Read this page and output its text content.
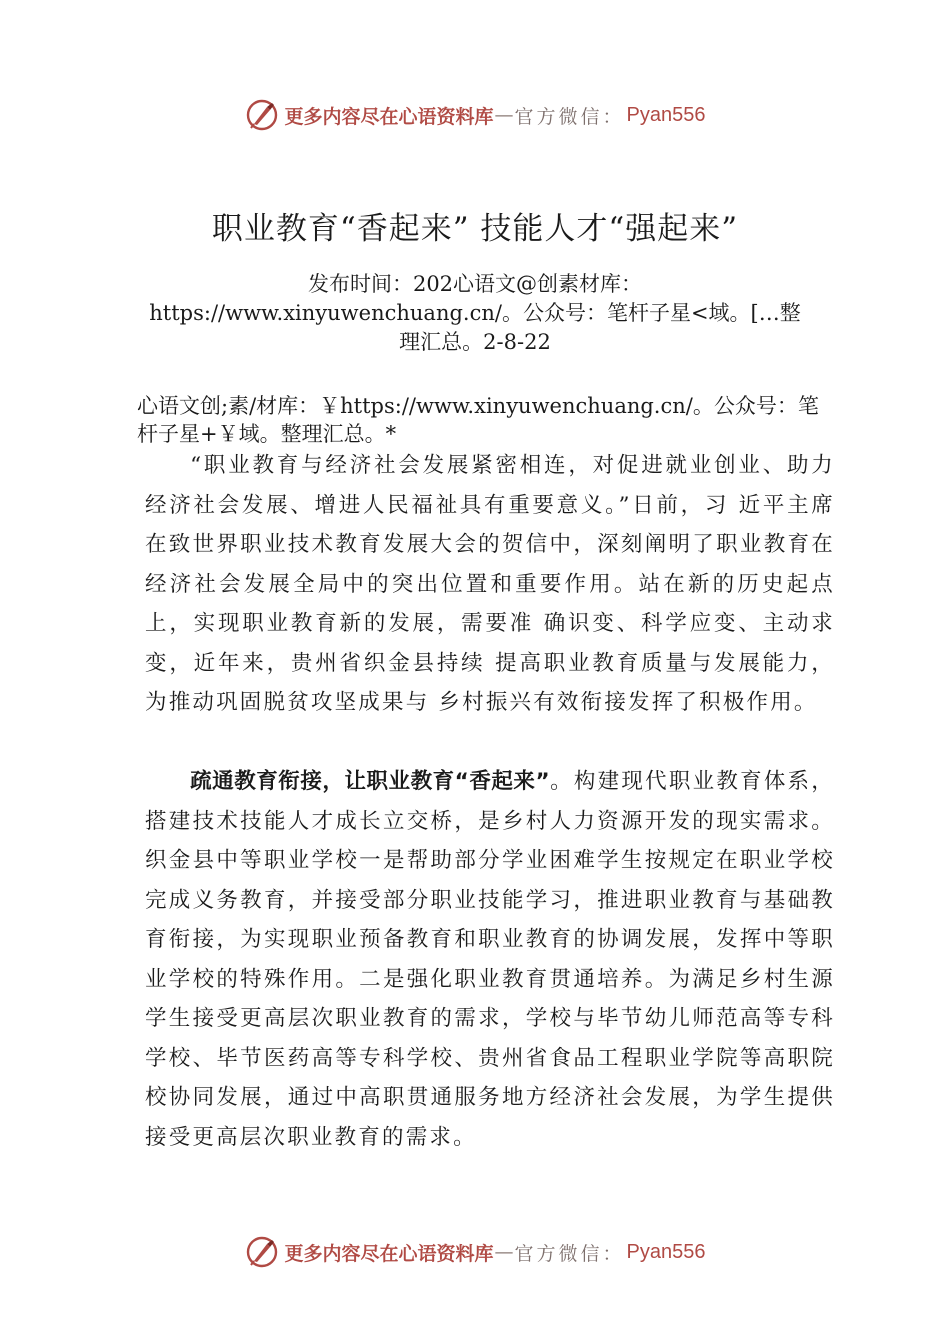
更多内容尽在心语资料库 — 官方微信： Pyan556
职业教育“香起来” 技能人才“强起来”
发布时间：202心语文@创素材库：https://www.xinyuwenchuang.cn/。公众号：笔杆子星<域。[…整理汇总。2-8-22
心语文创;素/材库：￥https://www.xinyuwenchuang.cn/。公众号：笔杆子星+￥域。整理汇总。*

“职业教育与经济社会发展紧密相连，对促进就业创业、助力经济社会发展、增进人民福祉具有重要意义。”日前，习 近平主席在致世界职业技术教育发展大会的贺信中，深刻阐明了职业教育在经济社会发展全局中的突出位置和重要作用。站在新的历史起点上，实现职业教育新的发展，需要准 确识变、科学应变、主动求变，近年来，贵州省织金县持续 提高职业教育质量与发展能力，为推动巩固脱贫攻坚成果与 乡村振兴有效衔接发挥了积极作用。

疏通教育衔接，让职业教育“香起来”。构建现代职业教育体系，搭建技术技能人才成长立交桥，是乡村人力资源开发的现实需求。织金县中等职业学校一是帮助部分学业困难学生按规定在职业学校完成义务教育，并接受部分职业技能学习，推进职业教育与基础教育衔接，为实现职业预备教育和职业教育的协调发展，发挥中等职业学校的特殊作用。二是强化职业教育贯通培养。为满足乡村生源学生接受更高层次职业教育的需求，学校与毕节幼儿师范高等专科学校、毕节医药高等专科学校、贵州省食品工程职业学院等高职院校协同发展，通过中高职贯通服务地方经济社会发展，为学生提供接受更高层次职业教育的需求。

更多内容尽在心语资料库 — 官方微信： Pyan556
